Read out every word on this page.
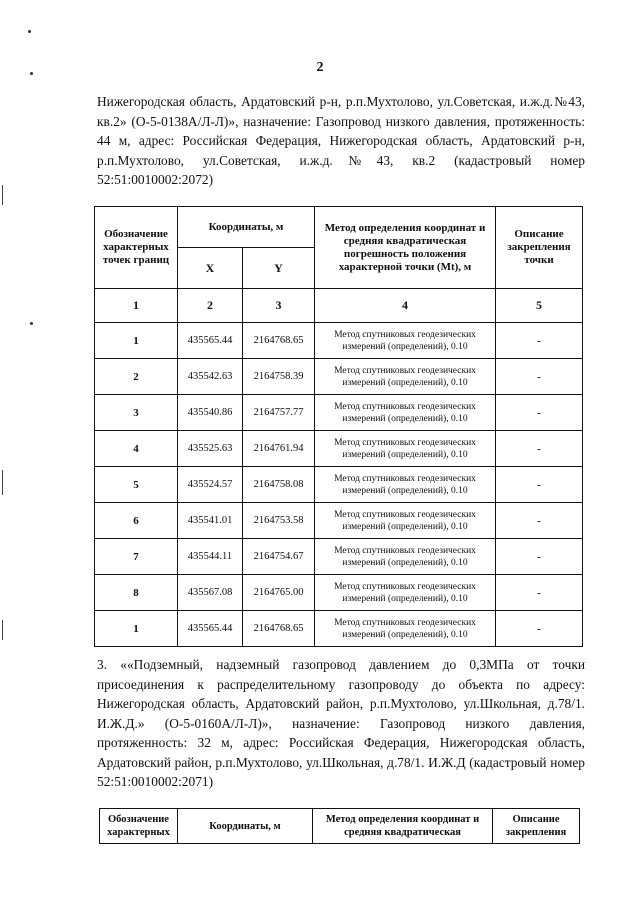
2
Нижегородская область, Ардатовский р-н, р.п.Мухтолово, ул.Советская, и.ж.д.№43, кв.2» (О-5-0138А/Л-Л)», назначение: Газопровод низкого давления, протяженность: 44 м, адрес: Российская Федерация, Нижегородская область, Ардатовский р-н, р.п.Мухтолово, ул.Советская, и.ж.д.№43, кв.2 (кадастровый номер 52:51:0010002:2072)
Обозначение характерных точек границ	Координаты, м		Метод определения координат и средняя квадратическая погрешность положения характерной точки (Mt), м	Описание закрепления точки
	X	Y		
1	2	3	4	5
1	435565.44	2164768.65	Метод спутниковых геодезических измерений (определений), 0.10	-
2	435542.63	2164758.39	Метод спутниковых геодезических измерений (определений), 0.10	-
3	435540.86	2164757.77	Метод спутниковых геодезических измерений (определений), 0.10	-
4	435525.63	2164761.94	Метод спутниковых геодезических измерений (определений), 0.10	-
5	435524.57	2164758.08	Метод спутниковых геодезических измерений (определений), 0.10	-
6	435541.01	2164753.58	Метод спутниковых геодезических измерений (определений), 0.10	-
7	435544.11	2164754.67	Метод спутниковых геодезических измерений (определений), 0.10	-
8	435567.08	2164765.00	Метод спутниковых геодезических измерений (определений), 0.10	-
1	435565.44	2164768.65	Метод спутниковых геодезических измерений (определений), 0.10	-
3. ««Подземный, надземный газопровод давлением до 0,3МПа от точки присоединения к распределительному газопроводу до объекта по адресу: Нижегородская область, Ардатовский район, р.п.Мухтолово, ул.Школьная, д.78/1. И.Ж.Д.» (О-5-0160А/Л-Л)», назначение: Газопровод низкого давления, протяженность: 32 м, адрес: Российская Федерация, Нижегородская область, Ардатовский район, р.п.Мухтолово, ул.Школьная, д.78/1. И.Ж.Д (кадастровый номер 52:51:0010002:2071)
Обозначение характерных	Координаты, м	Метод определения координат и средняя квадратическая	Описание закрепления
